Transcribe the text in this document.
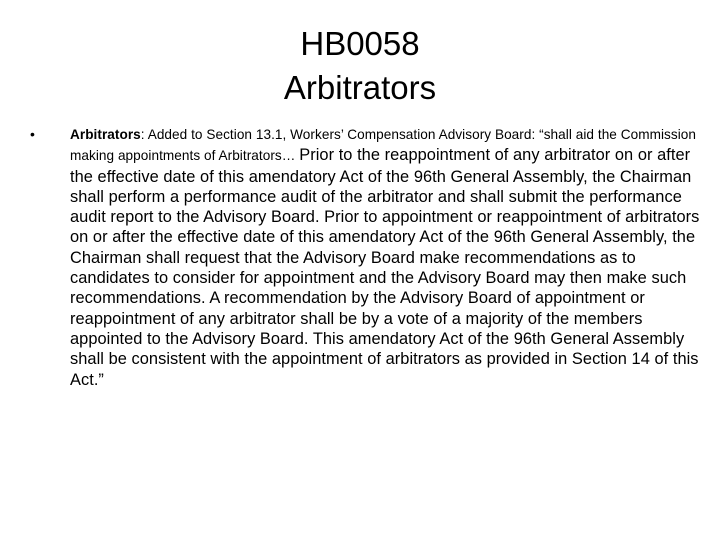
HB0058
Arbitrators
•	Arbitrators: Added to Section 13.1, Workers’ Compensation Advisory Board: “shall aid the Commission making appointments of Arbitrators… Prior to the reappointment of any arbitrator on or after the effective date of this amendatory Act of the 96th General Assembly, the Chairman shall perform a performance audit of the arbitrator and shall submit the performance audit report to the Advisory Board. Prior to appointment or reappointment of arbitrators on or after the effective date of this amendatory Act of the 96th General Assembly, the Chairman shall request that the Advisory Board make recommendations as to candidates to consider for appointment and the Advisory Board may then make such recommendations. A recommendation by the Advisory Board of appointment or reappointment of any arbitrator shall be by a vote of a majority of the members appointed to the Advisory Board. This amendatory Act of the 96th General Assembly shall be consistent with the appointment of arbitrators as provided in Section 14 of this Act.”
